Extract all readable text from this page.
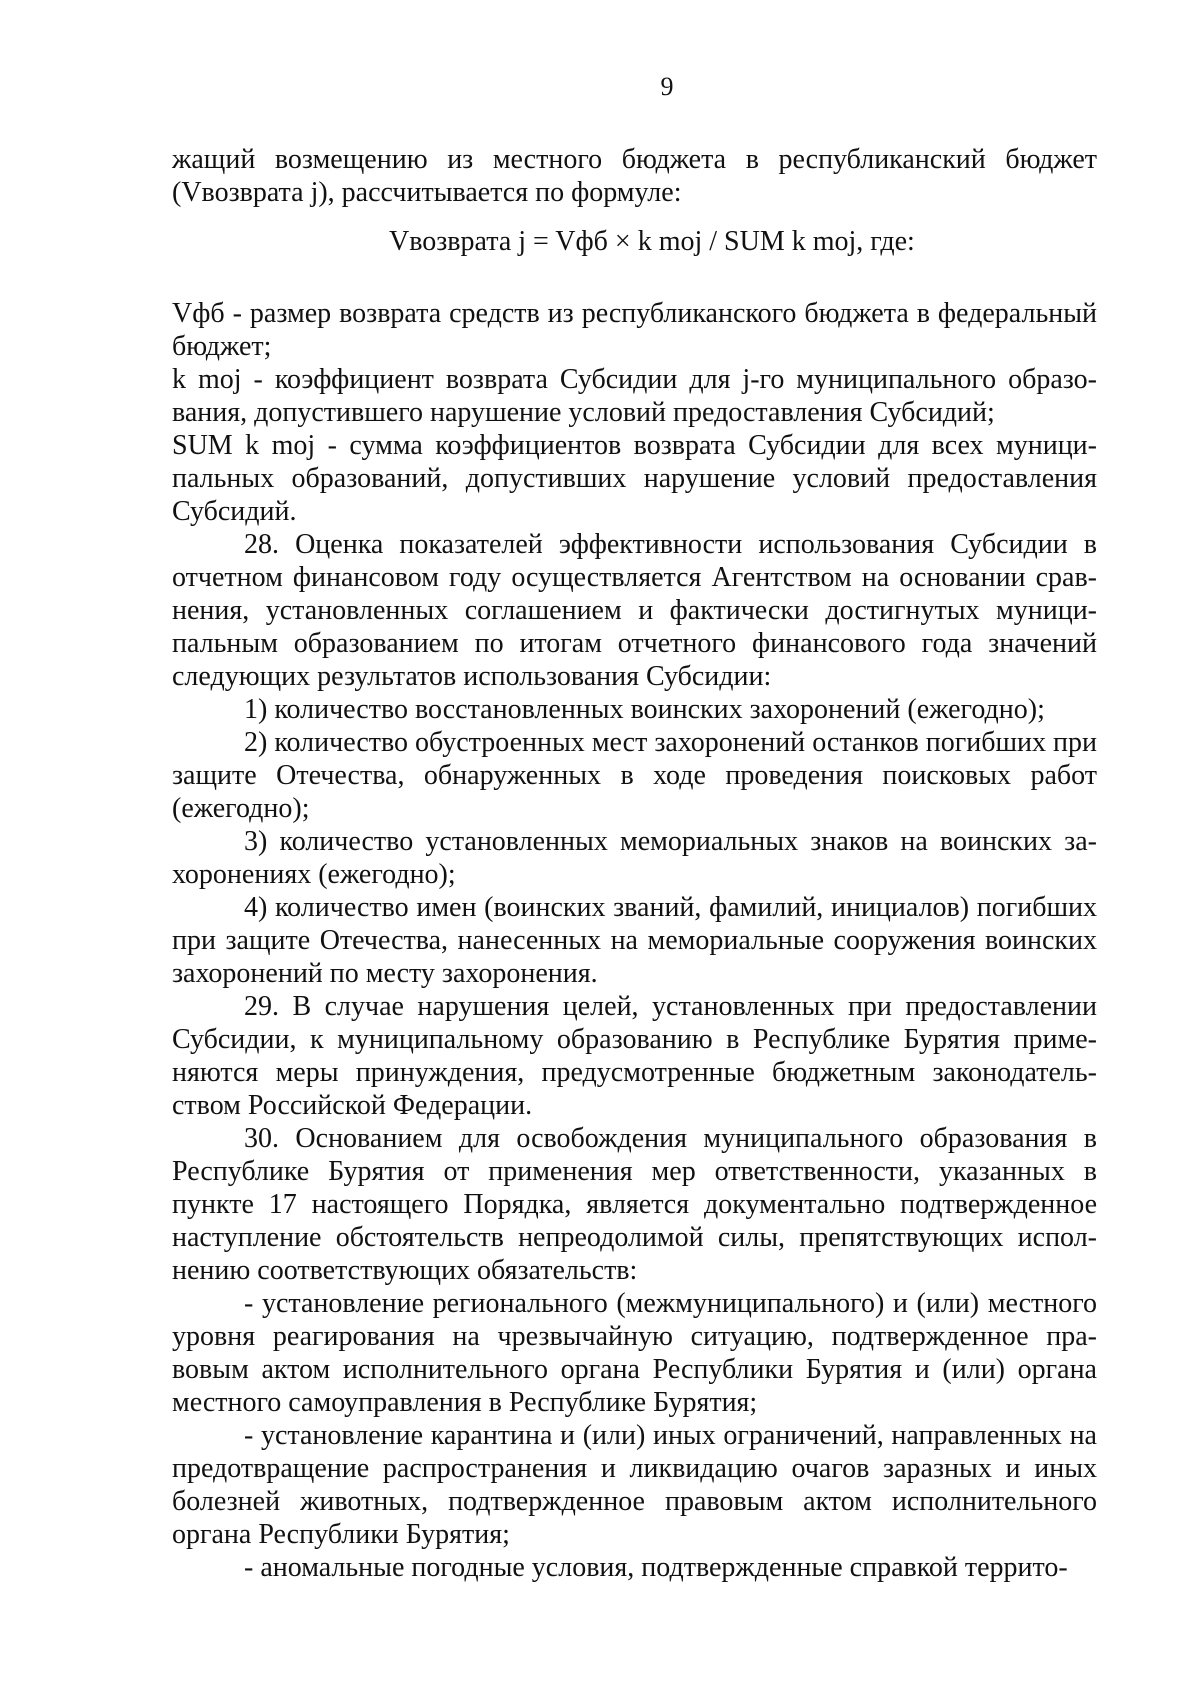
9

жащий возмещению из местного бюджета в республиканский бюджет (Vвозврата j), рассчитывается по формуле:

Vвозврата j = Vфб × k moj / SUM k moj, где:

Vфб - размер возврата средств из республиканского бюджета в федеральный бюджет;

k moj - коэффициент возврата Субсидии для j-го муниципального образования, допустившего нарушение условий предоставления Субсидий;

SUM k moj - сумма коэффициентов возврата Субсидии для всех муниципальных образований, допустивших нарушение условий предоставления Субсидий.

28. Оценка показателей эффективности использования Субсидии в отчетном финансовом году осуществляется Агентством на основании сравнения, установленных соглашением и фактически достигнутых муниципальным образованием по итогам отчетного финансового года значений следующих результатов использования Субсидии:

1) количество восстановленных воинских захоронений (ежегодно);

2) количество обустроенных мест захоронений останков погибших при защите Отечества, обнаруженных в ходе проведения поисковых работ (ежегодно);

3) количество установленных мемориальных знаков на воинских захоронениях (ежегодно);

4) количество имен (воинских званий, фамилий, инициалов) погибших при защите Отечества, нанесенных на мемориальные сооружения воинских захоронений по месту захоронения.

29. В случае нарушения целей, установленных при предоставлении Субсидии, к муниципальному образованию в Республике Бурятия применяются меры принуждения, предусмотренные бюджетным законодательством Российской Федерации.

30. Основанием для освобождения муниципального образования в Республике Бурятия от применения мер ответственности, указанных в пункте 17 настоящего Порядка, является документально подтвержденное наступление обстоятельств непреодолимой силы, препятствующих исполнению соответствующих обязательств:

- установление регионального (межмуниципального) и (или) местного уровня реагирования на чрезвычайную ситуацию, подтвержденное правовым актом исполнительного органа Республики Бурятия и (или) органа местного самоуправления в Республике Бурятия;

- установление карантина и (или) иных ограничений, направленных на предотвращение распространения и ликвидацию очагов заразных и иных болезней животных, подтвержденное правовым актом исполнительного органа Республики Бурятия;

- аномальные погодные условия, подтвержденные справкой террито-
